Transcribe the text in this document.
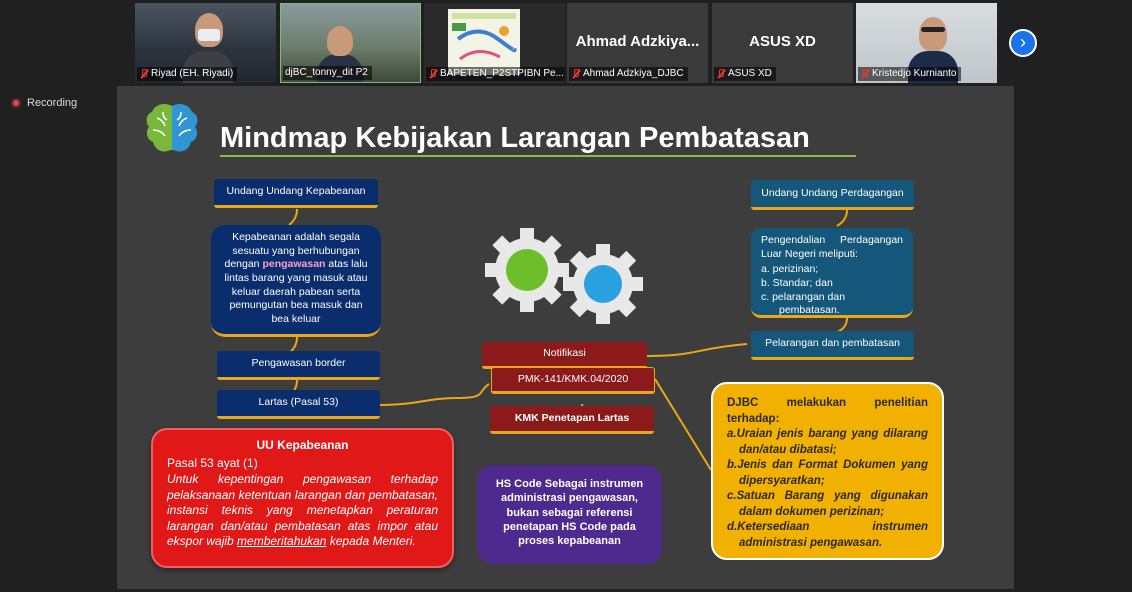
Riyad (EH. Riyadi)	djBC_tonny_dit P2	BAPETEN_P2STPIBN Pe...
Ahmad Adzkiya...
Ahmad Adzkiya_DJBC
ASUS XD
ASUS XD	Kristedjo Kurnianto
›
Recording
Mindmap Kebijakan Larangan Pembatasan
Undang Undang Kepabeanan
Kepabeanan adalah segala sesuatu yang berhubungan dengan pengawasan atas lalu lintas barang yang masuk atau keluar daerah pabean serta pemungutan bea masuk dan bea keluar
Pengawasan border
Lartas (Pasal 53)
UU Kepabeanan
Pasal 53 ayat (1)
Untuk kepentingan pengawasan terhadap pelaksanaan ketentuan larangan dan pembatasan, instansi teknis yang menetapkan peraturan larangan dan/atau pembatasan atas impor atau ekspor wajib memberitahukan kepada Menteri.
Notifikasi
PMK-141/KMK.04/2020
KMK Penetapan Lartas
HS Code Sebagai instrumen administrasi pengawasan, bukan sebagai referensi penetapan HS Code pada proses kepabeanan
Undang Undang Perdagangan
Pengendalian Perdagangan Luar Negeri meliputi:
a. perizinan;
b. Standar; dan
c. pelarangan dan pembatasan.
Pelarangan dan pembatasan
DJBC melakukan penelitian terhadap:
a.Uraian jenis barang yang dilarang dan/atau dibatasi;
b.Jenis dan Format Dokumen yang dipersyaratkan;
c.Satuan Barang yang digunakan dalam dokumen perizinan;
d.Ketersediaan instrumen administrasi pengawasan.
